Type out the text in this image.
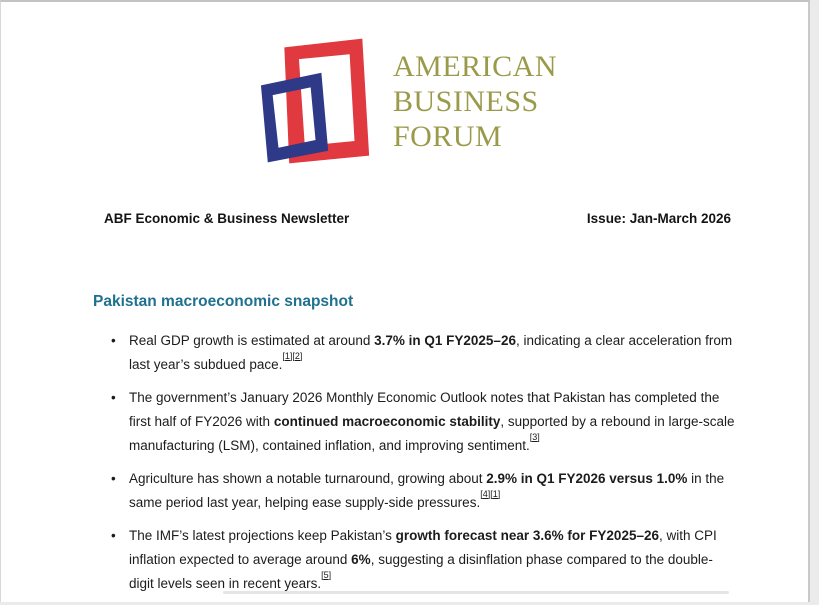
AMERICAN
BUSINESS
FORUM
ABF Economic & Business Newsletter	Issue: Jan-March 2026
Pakistan macroeconomic snapshot
• Real GDP growth is estimated at around 3.7% in Q1 FY2025–26, indicating a clear acceleration from last year’s subdued pace.[1][2]
• The government’s January 2026 Monthly Economic Outlook notes that Pakistan has completed the first half of FY2026 with continued macroeconomic stability, supported by a rebound in large-scale manufacturing (LSM), contained inflation, and improving sentiment.[3]
• Agriculture has shown a notable turnaround, growing about 2.9% in Q1 FY2026 versus 1.0% in the same period last year, helping ease supply-side pressures.[4][1]
• The IMF’s latest projections keep Pakistan’s growth forecast near 3.6% for FY2025–26, with CPI inflation expected to average around 6%, suggesting a disinflation phase compared to the double-digit levels seen in recent years.[5]
